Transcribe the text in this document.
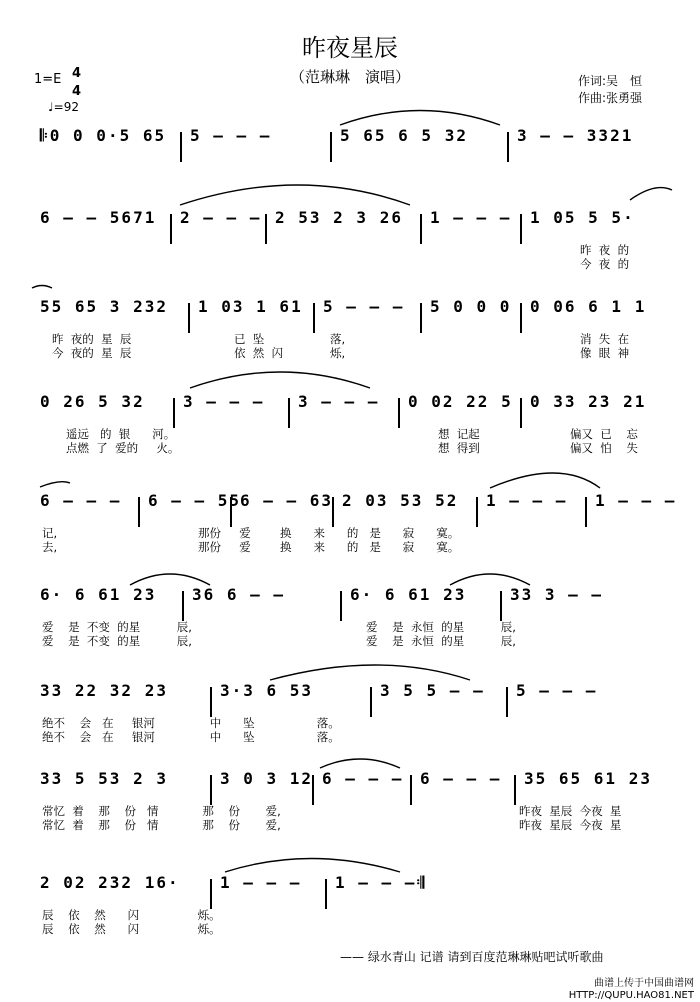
昨夜星辰
（范琳琳　演唱）	作词:吴　恒
作曲:张勇强
1=E 4
4
♩=92
𝄆0 0 0·5 65 5 — — —	5 65 6 5 32	3 — — 3321
6 — — 5671 2 — — — 2 53 2 3 26 1 — — — 1 05 5 5·
昨  夜  的
今  夜  的
55 65 3 232 1 03 1 61 5 — — — 5 0 0 0 0 06 6 1 1
昨  夜的  星  辰	已  坠	落,	消  失  在
今  夜的  星  辰	依  然  闪	烁,	像  眼  神
0 26 5 32 3 — — — 3 — — — 0 02 22 5 0 33 23 21
遥远   的  银      河。	想  记起	偏又  已    忘
点燃  了  爱的     火。	想  得到	偏又  怕    失
6 — — — 6 — — 55
6 — — 63 2 03 53 52 1 — — — 1 — — —
记,	那份     爱        换      来      的   是      寂      寞。
去,	那份     爱        换      来      的   是      寂      寞。
6· 6 61 23 36 6 — —	6· 6 61 23	33 3 — —
爱    是  不变  的星          辰,	爱    是  永恒  的星          辰,
爱    是  不变  的星          辰,	爱    是  永恒  的星          辰,
33 22 32 23	3·3 6 53	3 5 5 — — 5 — — —
绝不    会   在     银河               中      坠                 落。
绝不    会   在     银河               中      坠                 落。
33 5 53 2 3	3 0 3 12 6 — — — 6 — — — 35 65 61 23
常忆  着    那    份   情            那    份       爱,	昨夜  星辰  今夜  星
常忆  着    那    份   情            那    份       爱,	昨夜  星辰  今夜  星
2 02 232 16·	1 — — — 1 — — —𝄇
辰    依    然      闪                烁。
辰    依    然      闪                烁。
—— 绿水青山 记谱 请到百度范琳琳贴吧试听歌曲
曲谱上传于中国曲谱网
HTTP://QUPU.HAO81.NET
